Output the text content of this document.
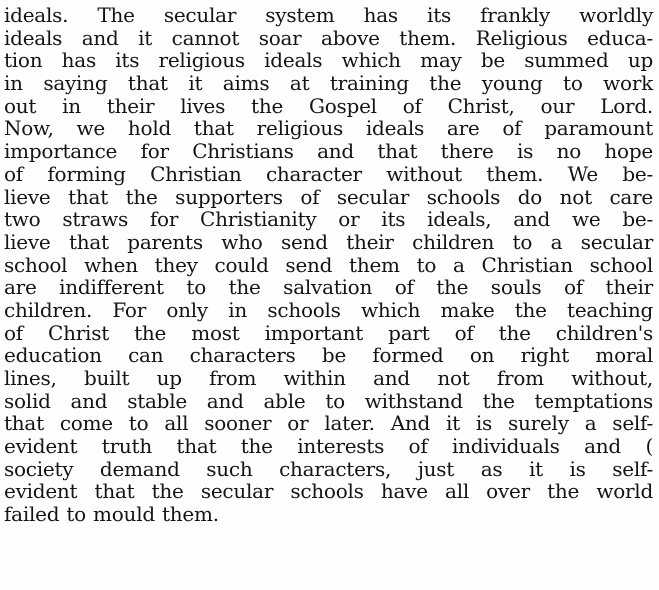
ideals. The secular system has its frankly worldly
ideals and it cannot soar above them. Religious educa-
tion has its religious ideals which may be summed up
in saying that it aims at training the young to work
out in their lives the Gospel of Christ, our Lord.
Now, we hold that religious ideals are of paramount
importance for Christians and that there is no hope
of forming Christian character without them. We be-
lieve that the supporters of secular schools do not care
two straws for Christianity or its ideals, and we be-
lieve that parents who send their children to a secular
school when they could send them to a Christian school
are indifferent to the salvation of the souls of their
children. For only in schools which make the teaching
of Christ the most important part of the children's
education can characters be formed on right moral
lines, built up from within and not from without,
solid and stable and able to withstand the temptations
that come to all sooner or later. And it is surely a self-
evident truth that the interests of individuals and (
society demand such characters, just as it is self-
evident that the secular schools have all over the world
failed to mould them.
